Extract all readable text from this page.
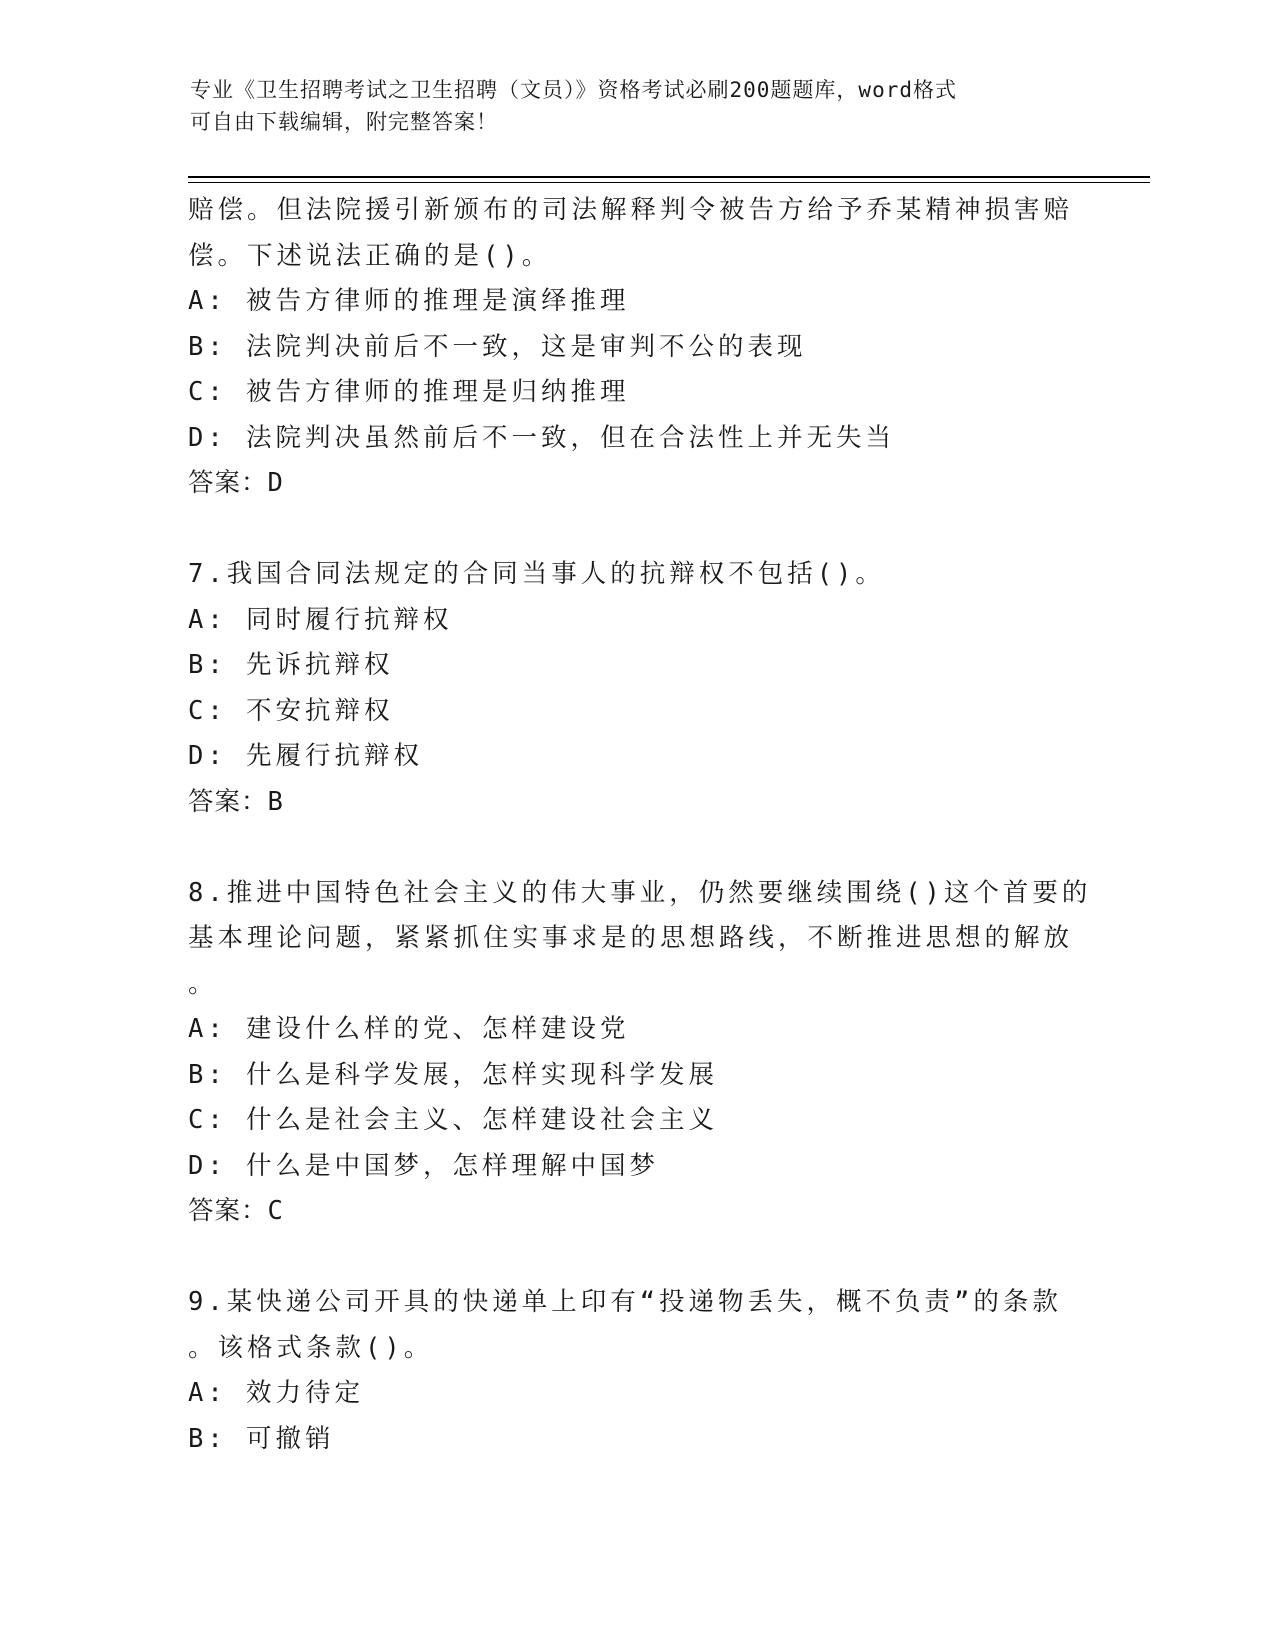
专业《卫生招聘考试之卫生招聘（文员）》资格考试必刷200题题库，word格式
可自由下载编辑，附完整答案！
赔偿。但法院援引新颁布的司法解释判令被告方给予乔某精神损害赔
偿。下述说法正确的是()。
A: 被告方律师的推理是演绎推理
B: 法院判决前后不一致，这是审判不公的表现
C: 被告方律师的推理是归纳推理
D: 法院判决虽然前后不一致，但在合法性上并无失当
答案：D
7.我国合同法规定的合同当事人的抗辩权不包括()。
A: 同时履行抗辩权
B: 先诉抗辩权
C: 不安抗辩权
D: 先履行抗辩权
答案：B
8.推进中国特色社会主义的伟大事业，仍然要继续围绕()这个首要的
基本理论问题，紧紧抓住实事求是的思想路线，不断推进思想的解放
。
A: 建设什么样的党、怎样建设党
B: 什么是科学发展，怎样实现科学发展
C: 什么是社会主义、怎样建设社会主义
D: 什么是中国梦，怎样理解中国梦
答案：C
9.某快递公司开具的快递单上印有“投递物丢失，概不负责”的条款
。该格式条款()。
A: 效力待定
B: 可撤销
